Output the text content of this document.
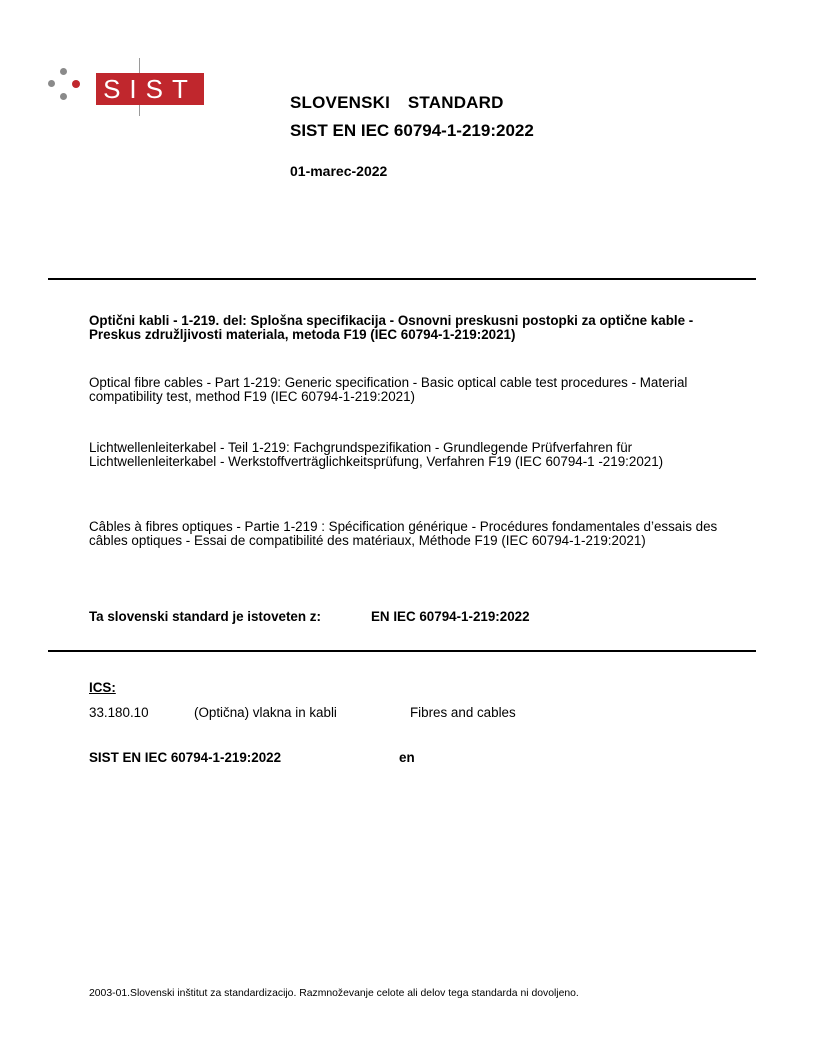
SIST	SLOVENSKI  STANDARD
SIST EN IEC 60794-1-219:2022
01-marec-2022
Optični kabli - 1-219. del: Splošna specifikacija - Osnovni preskusni postopki za optične kable - Preskus združljivosti materiala, metoda F19 (IEC 60794-1-219:2021)
Optical fibre cables - Part 1-219: Generic specification - Basic optical cable test procedures - Material compatibility test, method F19 (IEC 60794-1-219:2021)
Lichtwellenleiterkabel - Teil 1-219: Fachgrundspezifikation - Grundlegende Prüfverfahren für Lichtwellenleiterkabel - Werkstoffverträglichkeitsprüfung, Verfahren F19 (IEC 60794-1 -219:2021)
Câbles à fibres optiques - Partie 1-219 : Spécification générique - Procédures fondamentales d’essais des câbles optiques - Essai de compatibilité des matériaux, Méthode F19 (IEC 60794-1-219:2021)
Ta slovenski standard je istoveten z:	EN IEC 60794-1-219:2022
ICS:
33.180.10	(Optična) vlakna in kabli	Fibres and cables
SIST EN IEC 60794-1-219:2022	en
2003-01.Slovenski inštitut za standardizacijo. Razmnoževanje celote ali delov tega standarda ni dovoljeno.
